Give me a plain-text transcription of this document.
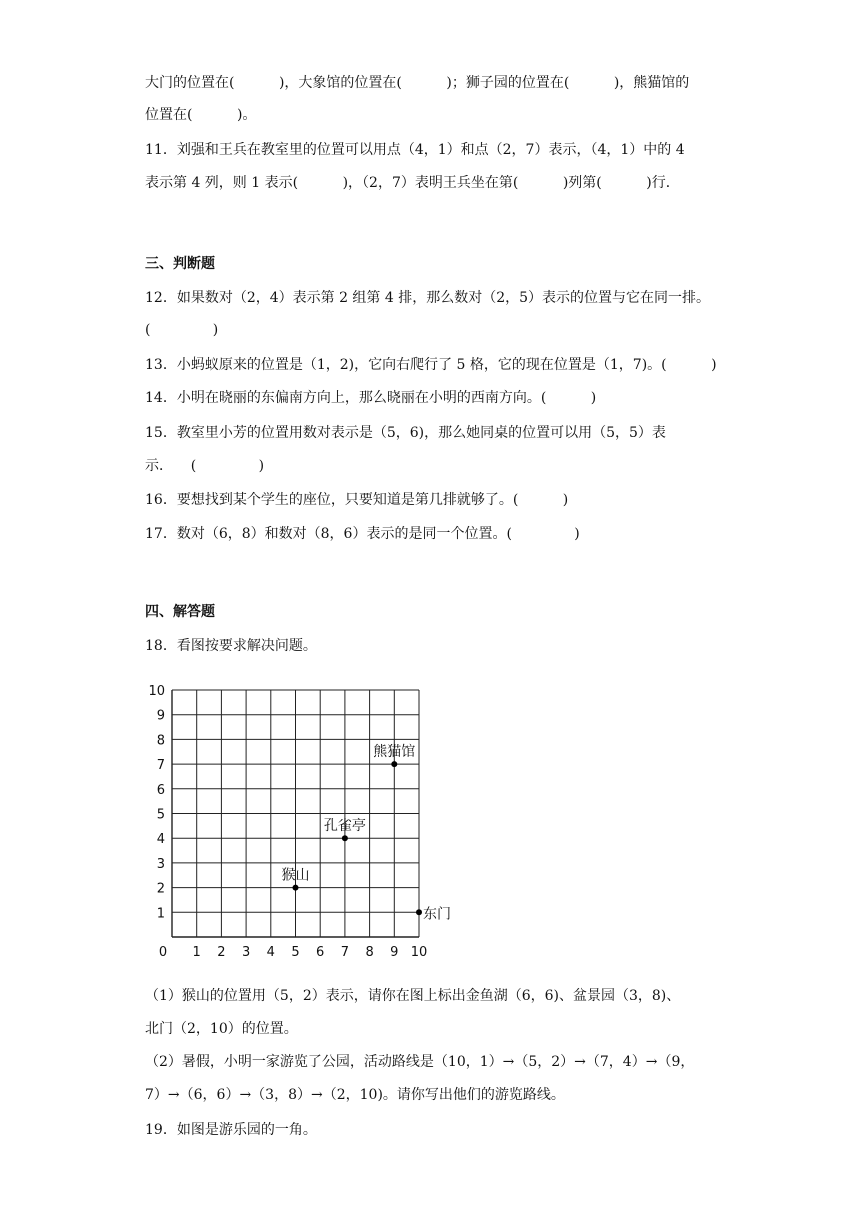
大门的位置在(          )，大象馆的位置在(          )；狮子园的位置在(          )，熊猫馆的
位置在(          )。
11．刘强和王兵在教室里的位置可以用点（4，1）和点（2，7）表示，（4，1）中的 4
表示第 4 列，则 1 表示(          )，（2，7）表明王兵坐在第(          )列第(          )行．
三、判断题
12．如果数对（2，4）表示第 2 组第 4 排，那么数对（2，5）表示的位置与它在同一排。
(              )
13．小蚂蚁原来的位置是（1，2)，它向右爬行了 5 格，它的现在位置是（1，7)。(          )
14．小明在晓丽的东偏南方向上，那么晓丽在小明的西南方向。(          )
15．教室里小芳的位置用数对表示是（5，6)，那么她同桌的位置可以用（5，5）表
示．    (              )
16．要想找到某个学生的座位，只要知道是第几排就够了。(          )
17．数对（6，8）和数对（8，6）表示的是同一个位置。(              )
四、解答题
18．看图按要求解决问题。
0 1 2 3 4 5 6 7 8 9 10
1
2
3
4
5
6
7
8
9
10
熊猫馆
孔雀亭
猴山
东门
（1）猴山的位置用（5，2）表示，请你在图上标出金鱼湖（6，6)、盆景园（3，8)、
北门（2，10）的位置。
（2）暑假，小明一家游览了公园，活动路线是（10，1）→（5，2）→（7，4）→（9，
7）→（6，6）→（3，8）→（2，10)。请你写出他们的游览路线。
19．如图是游乐园的一角。
